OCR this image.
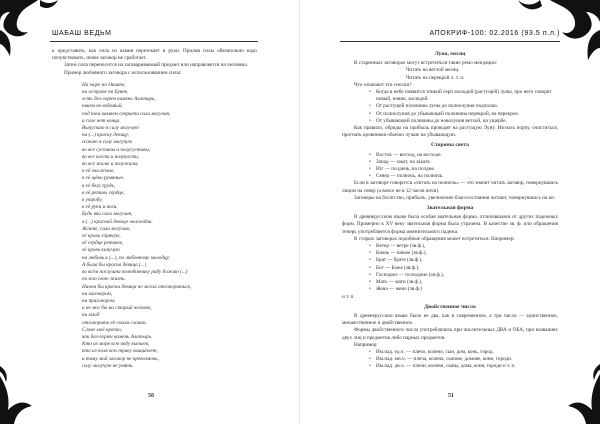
ШАБАШ ВЕДЬМ

к представить, как сила из камня перетекает в руки. Прилив силы обязательно надо почувствовать, иначе заговор не сработает.

Затем сила переносится на заговариваемый предмет или направляется на человека.

Пример любовного заговора с использованием силы:

На море на Окияне,
на острове на Буяне,
есть бел-горюч камень Алатырь,
никем не ведомый;
под тем камнем сокрыта сила могучая,
и силе нет конца.
Выпускаю я силу могучую
на (...) красну девицу;
сажаю я силу могучую
во все суставы и полусуставы,
во все кости и полукости,
во все жилы и полужилы,
в её очи ясные,
в её щёки румяные,
в её белу грудь,
в её ретиво сердце,
в утробу,
в её руки и ноги.
Будь ты сила могучая,
в (...) красной девице неисходна.
Жгите, сила могучая,
её кровь горячую,
её сердце ретивое,
её кровь кипучую
на любовь к (...), по любовному молодцу;
А была бы красна девица (...)
во всём послушна полюбовнику рабу божию (...)
по всю свою жизнь.
Ничем бы красна девица не могла отговориться,
ни заговором,
ни приговором,
и не мог бы ни старый человек,
ни млад
отговорить её своим словом.
Слово моё крепко,
как бел-горюч камень Алатырь.
Кто из моря всю воду выпьет,
кто из поля всю траву выщиплет,
и тому мой заговор не превозмочь,
силу могучую не унять.
50
АПОКРИФ-100: 02.2016 (93.5 п.л.)
Луна, месяц

В старинных заговорах могут встретиться такие ремо мендации:

Читать на ветхой месяц.
Читать на перекрой л. т. п.

Что означают эти сноски?

• Когда в небе появится тонкий серп молодой (растущей) луны, про него говорят новый, новик, молодой.
• От растущей половины луны до полнолуния подполна.
• От полнолуния до убывающей половины перекрой, на перекрое.
• От убывающей половины до новолуния ветхой, на ущербе.

Как правило, обряды на прибыль проводят на растущую Луну. Изгнать порчу, очиститься, прогнать кровников обычно лучше на убывающую.

Стороны света
• Восток — восход, на восходе.
• Запад — закат, на закате.
• Юг — полдень, на полдне.
• Север — полночь, на полночь.

Если в заговоре говорится «читать на полночь» — это значит читать заговор, повернувшись лицом на север (а вовсе не в 12 часов ночи).

Заговоры на богатство, прибыль, увеличение благосостояния читают, повернувшись на юг.

Звательная форма

В древнерусском языке была особая звательная форма, отличавшаяся от других падежных форм. Примерно к XV веку звательная форма была утрачена. В качестве зв. ф. или обращения теперь употребляется форма именительного падежа.

В старых заговорах подобные обращения может встретиться. Например:

• Ветер — ветре (зв.ф.),
• Князь — княже (зв.ф.),
• Брат — брате (зв.ф.),
• Бог — Боже (зв.ф.),
• Господин — господине (зв.ф.),
• Мать — мати (зв.ф.),
• Жена — жено (зв.ф.)

и т. п.

Двойственное число

В древнерусском языке было не два, как в современном, а три числа — единственное, множественное и двойственное.

Формы двойственного числа употреблялись при числительных ДВА и ОБА, при названиях двух лиц и предметов либо парных предметов.

Например:

• Им.пад. ед.ч. — плечо, колено, сын, дом, конь, город.
• Им.пад. мн.ч. — плеча, колена, сынове, домове, кони, городи.
• Им.пад. дв.ч. — плечи, колени, сыны, дома, коня, городи и т. п.
51
